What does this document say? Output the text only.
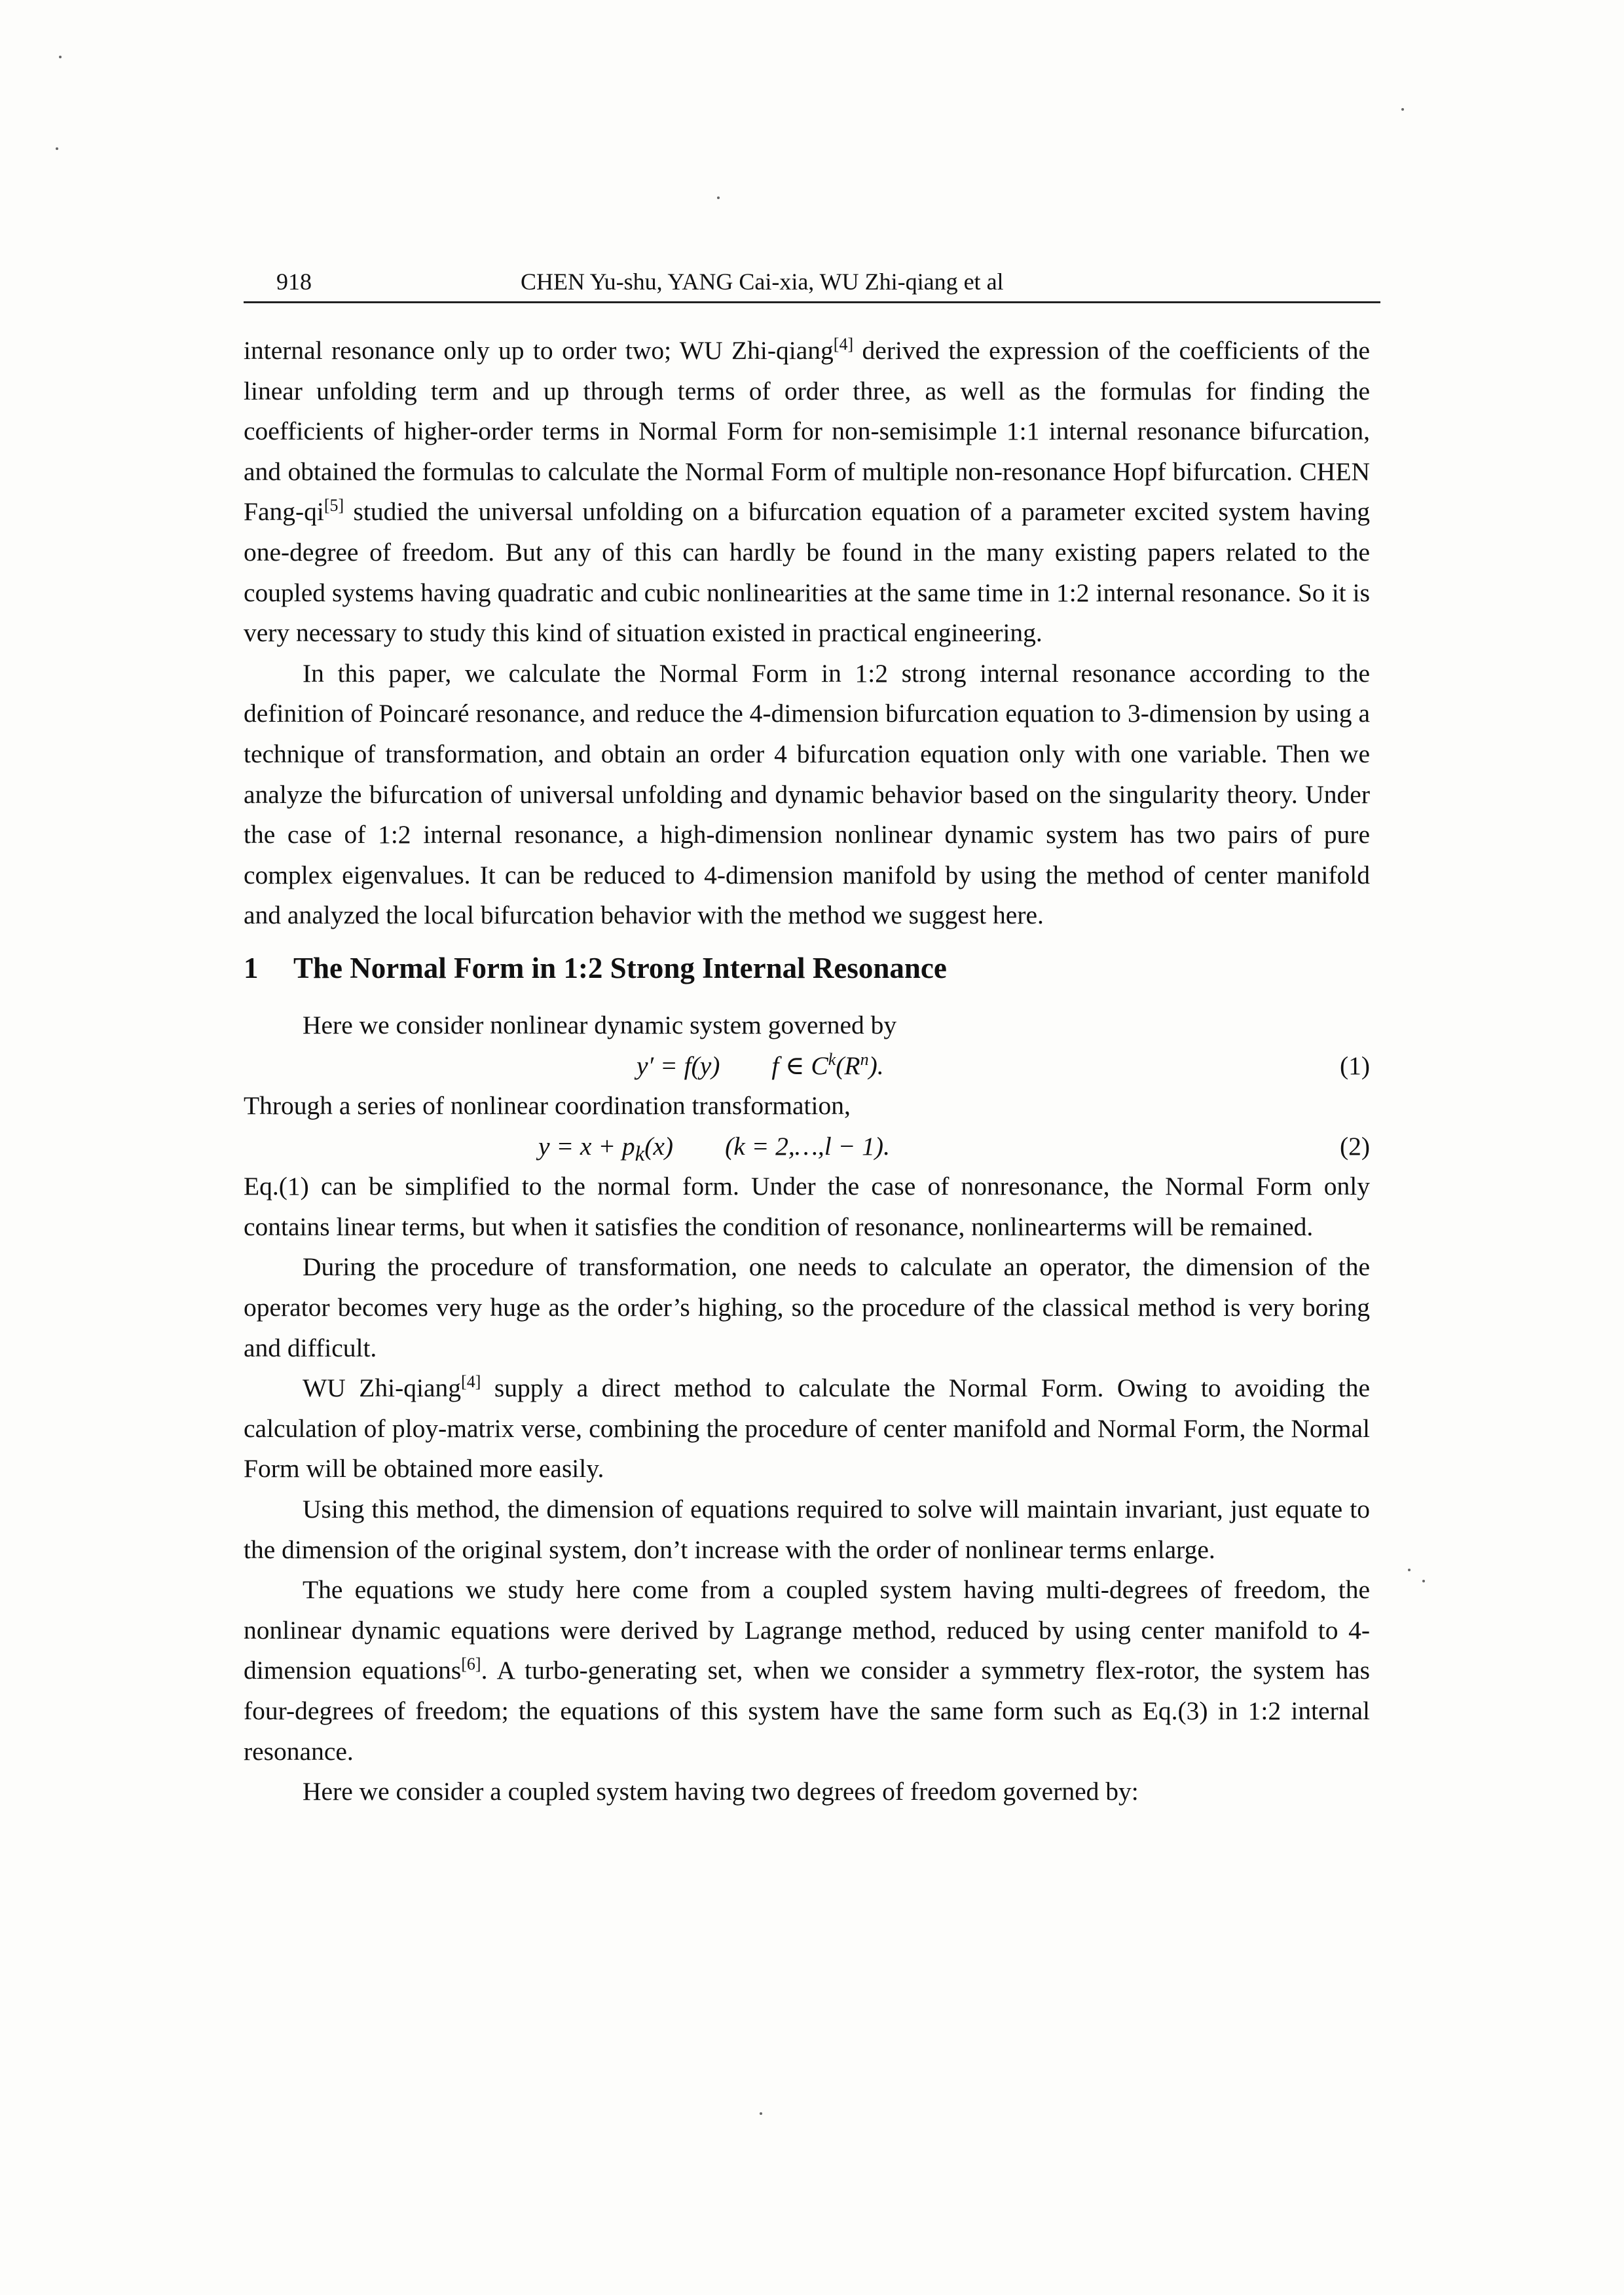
918	CHEN Yu-shu, YANG Cai-xia, WU Zhi-qiang et al

internal resonance only up to order two; WU Zhi-qiang[4] derived the expression of the coefficients of the linear unfolding term and up through terms of order three, as well as the formulas for finding the coefficients of higher-order terms in Normal Form for non-semisimple 1:1 internal resonance bifurcation, and obtained the formulas to calculate the Normal Form of multiple non-resonance Hopf bifurcation. CHEN Fang-qi[5] studied the universal unfolding on a bifurcation equation of a parameter excited system having one-degree of freedom. But any of this can hardly be found in the many existing papers related to the coupled systems having quadratic and cubic nonlinearities at the same time in 1:2 internal resonance. So it is very necessary to study this kind of situation existed in practical engineering.

In this paper, we calculate the Normal Form in 1:2 strong internal resonance according to the definition of Poincaré resonance, and reduce the 4-dimension bifurcation equation to 3-dimension by using a technique of transformation, and obtain an order 4 bifurcation equation only with one variable. Then we analyze the bifurcation of universal unfolding and dynamic behavior based on the singularity theory. Under the case of 1:2 internal resonance, a high-dimension nonlinear dynamic system has two pairs of pure complex eigenvalues. It can be reduced to 4-dimension manifold by using the method of center manifold and analyzed the local bifurcation behavior with the method we suggest here.

1 The Normal Form in 1:2 Strong Internal Resonance

Here we consider nonlinear dynamic system governed by

y′ = f(y) f ∈ $C^k(R^n)$.	(1)

Through a series of nonlinear coordination transformation,

$y = x + p_k(x) (k$ = 2,…,l − 1).	(2)

Eq.(1) can be simplified to the normal form. Under the case of nonresonance, the Normal Form only contains linear terms, but when it satisfies the condition of resonance, nonlinearterms will be remained.

During the procedure of transformation, one needs to calculate an operator, the dimension of the operator becomes very huge as the order’s highing, so the procedure of the classical method is very boring and difficult.

WU Zhi-qiang[4] supply a direct method to calculate the Normal Form. Owing to avoiding the calculation of ploy-matrix verse, combining the procedure of center manifold and Normal Form, the Normal Form will be obtained more easily.

Using this method, the dimension of equations required to solve will maintain invariant, just equate to the dimension of the original system, don’t increase with the order of nonlinear terms enlarge.

The equations we study here come from a coupled system having multi-degrees of freedom, the nonlinear dynamic equations were derived by Lagrange method, reduced by using center manifold to 4-dimension equations[6]. A turbo-generating set, when we consider a symmetry flex-rotor, the system has four-degrees of freedom; the equations of this system have the same form such as Eq.(3) in 1:2 internal resonance.

Here we consider a coupled system having two degrees of freedom governed by:
